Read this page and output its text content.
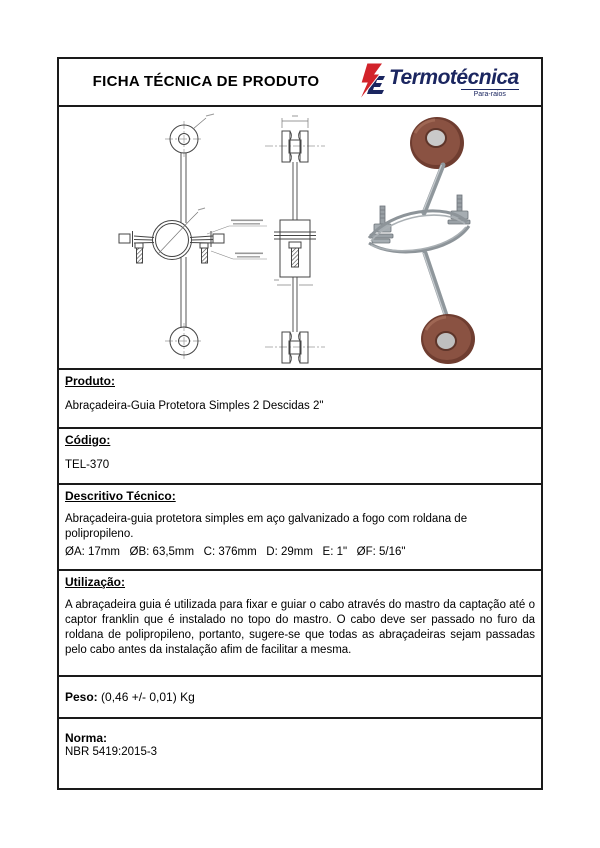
FICHA TÉCNICA DE PRODUTO	Termotécnica
Para-raios
Produto:
Abraçadeira-Guia Protetora Simples 2 Descidas 2"
Código:
TEL-370
Descritivo Técnico:
Abraçadeira-guia protetora simples em aço galvanizado a fogo com roldana de polipropileno.
ØA: 17mm   ØB: 63,5mm   C: 376mm   D: 29mm   E: 1"   ØF: 5/16"
Utilização:
A abraçadeira guia é utilizada para fixar e guiar o cabo através do mastro da captação até o captor franklin que é instalado no topo do mastro. O cabo deve ser passado no furo da roldana de polipropileno, portanto, sugere-se que todas as abraçadeiras sejam passadas pelo cabo antes da instalação afim de facilitar a mesma.
Peso: (0,46 +/- 0,01) Kg
Norma:
NBR 5419:2015-3
